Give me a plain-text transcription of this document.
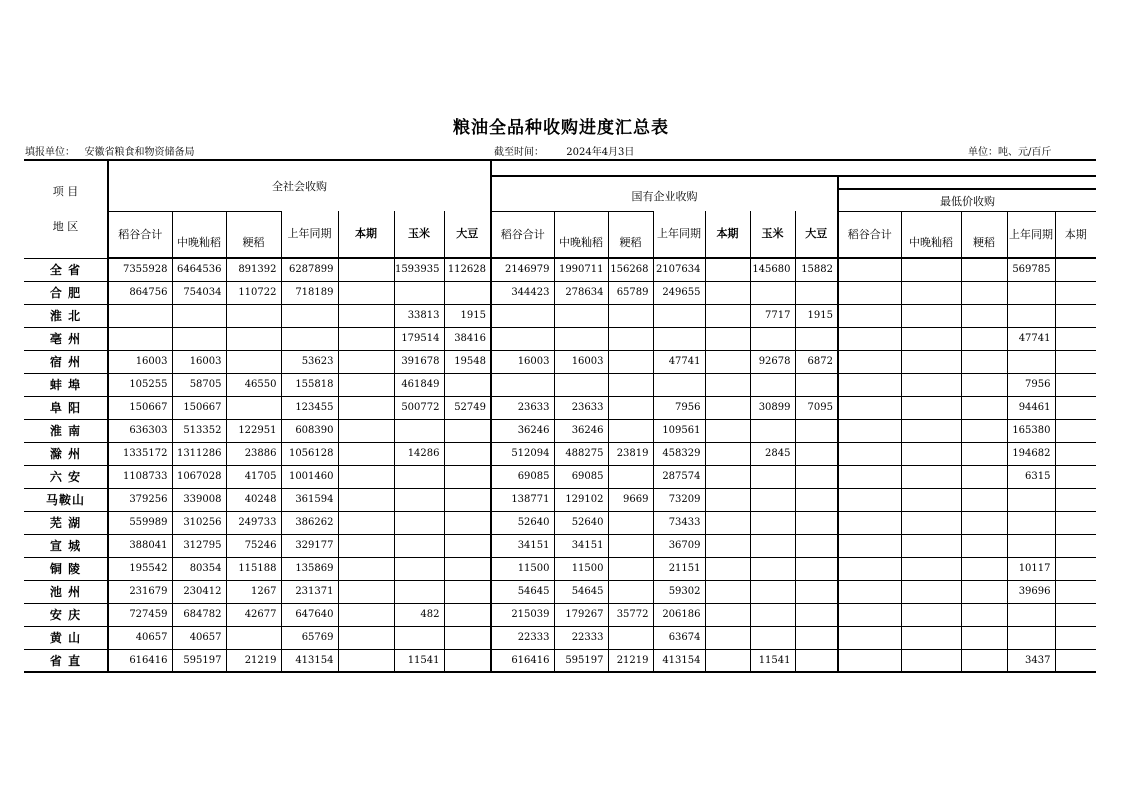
粮油全品种收购进度汇总表
填报单位：   安徽省粮食和物资储备局	截至时间：       2024年4月3日	单位：吨、元/百斤
项 目
地 区	全社会收购																		
								国有企业收购											
															最低价收购				
	稻谷合计	中晚籼稻	粳稻	上年同期	本期	玉米	大豆	稻谷合计	中晚籼稻	粳稻	上年同期	本期	玉米	大豆	稻谷合计	中晚籼稻	粳稻	上年同期	本期
全 省	7355928	6464536	891392	6287899		1593935	112628	2146979	1990711	156268	2107634		145680	15882				569785	
合 肥	864756	754034	110722	718189				344423	278634	65789	249655								
淮 北						33813	1915						7717	1915					
亳 州						179514	38416											47741	
宿 州	16003	16003		53623		391678	19548	16003	16003		47741		92678	6872					
蚌 埠	105255	58705	46550	155818		461849												7956	
阜 阳	150667	150667		123455		500772	52749	23633	23633		7956		30899	7095				94461	
淮 南	636303	513352	122951	608390				36246	36246		109561							165380	
滁 州	1335172	1311286	23886	1056128		14286		512094	488275	23819	458329		2845					194682	
六 安	1108733	1067028	41705	1001460				69085	69085		287574							6315	
马鞍山	379256	339008	40248	361594				138771	129102	9669	73209								
芜 湖	559989	310256	249733	386262				52640	52640		73433								
宣 城	388041	312795	75246	329177				34151	34151		36709								
铜 陵	195542	80354	115188	135869				11500	11500		21151							10117	
池 州	231679	230412	1267	231371				54645	54645		59302							39696	
安 庆	727459	684782	42677	647640		482		215039	179267	35772	206186								
黄 山	40657	40657		65769				22333	22333		63674								
省 直	616416	595197	21219	413154		11541		616416	595197	21219	413154		11541					3437	
